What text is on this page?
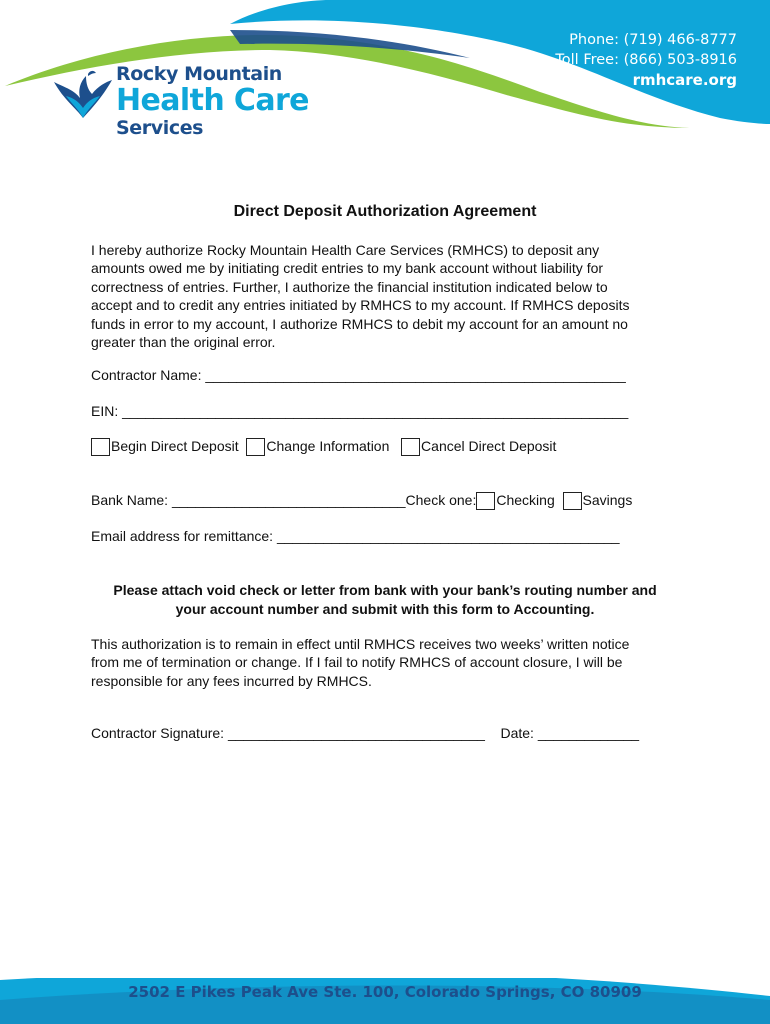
Rocky Mountain
Health Care
Services
Phone: (719) 466-8777
Toll Free: (866) 503-8916
rmhcare.org
Direct Deposit Authorization Agreement
I hereby authorize Rocky Mountain Health Care Services (RMHCS) to deposit any
amounts owed me by initiating credit entries to my bank account without liability for
correctness of entries. Further, I authorize the financial institution indicated below to
accept and to credit any entries initiated by RMHCS to my account. If RMHCS deposits
funds in error to my account, I authorize RMHCS to debit my account for an amount no
greater than the original error.
Contractor Name: ______________________________________________________
EIN: _________________________________________________________________
Begin Direct Deposit Change Information Cancel Direct Deposit
Bank Name: ______________________________Check one: Checking Savings
Email address for remittance: ____________________________________________
Please attach void check or letter from bank with your bank’s routing number and
your account number and submit with this form to Accounting.
This authorization is to remain in effect until RMHCS receives two weeks’ written notice
from me of termination or change. If I fail to notify RMHCS of account closure, I will be
responsible for any fees incurred by RMHCS.
Contractor Signature: _________________________________ Date: _____________
2502 E Pikes Peak Ave Ste. 100, Colorado Springs, CO 80909
